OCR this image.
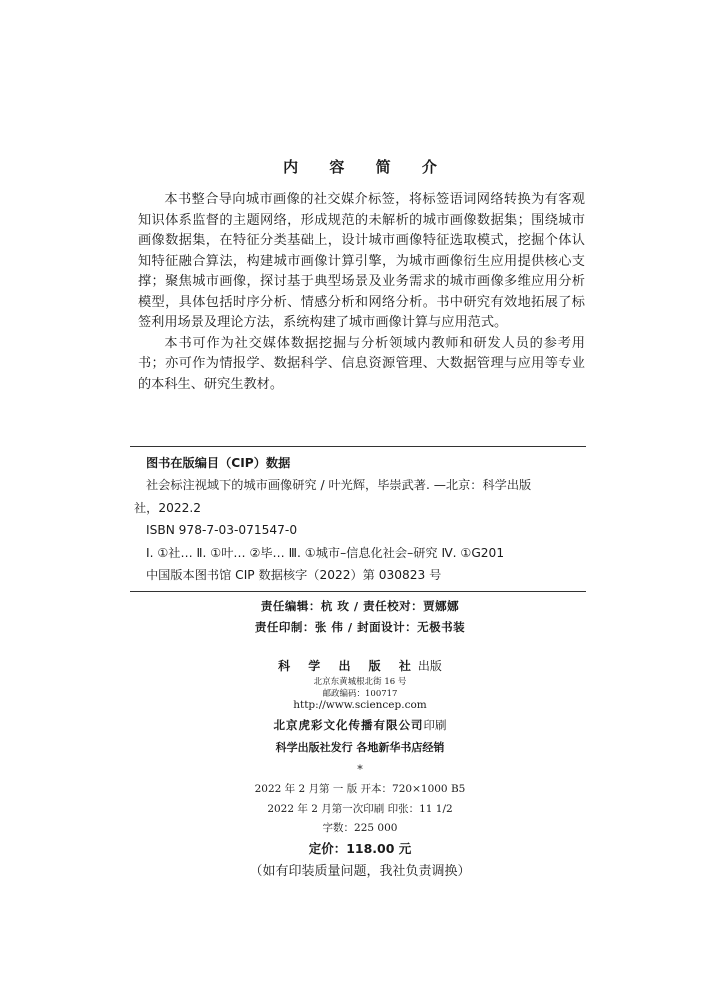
内 容 简 介

本书整合导向城市画像的社交媒介标签，将标签语词网络转换为有客观知识体系监督的主题网络，形成规范的未解析的城市画像数据集；围绕城市画像数据集，在特征分类基础上，设计城市画像特征选取模式，挖掘个体认知特征融合算法，构建城市画像计算引擎，为城市画像衍生应用提供核心支撑；聚焦城市画像，探讨基于典型场景及业务需求的城市画像多维应用分析模型，具体包括时序分析、情感分析和网络分析。书中研究有效地拓展了标签利用场景及理论方法，系统构建了城市画像计算与应用范式。

本书可作为社交媒体数据挖掘与分析领域内教师和研发人员的参考用书；亦可作为情报学、数据科学、信息资源管理、大数据管理与应用等专业的本科生、研究生教材。

图书在版编目（CIP）数据
社会标注视域下的城市画像研究 / 叶光辉，毕崇武著. —北京：科学出版
社，2022.2
ISBN 978-7-03-071547-0
Ⅰ. ①社… Ⅱ. ①叶… ②毕… Ⅲ. ①城市–信息化社会–研究 Ⅳ. ①G201
中国版本图书馆 CIP 数据核字（2022）第 030823 号
责任编辑：杭 玫 / 责任校对：贾娜娜
责任印制：张 伟 / 封面设计：无极书装
科 学 出 版 社出版
北京东黄城根北街 16 号
邮政编码：100717
http://www.sciencep.com
北京虎彩文化传播有限公司印刷
科学出版社发行 各地新华书店经销
*
2022 年 2 月第 一 版 开本：720×1000 B5
2022 年 2 月第一次印刷 印张：11 1/2
字数：225 000
定价：118.00 元
（如有印装质量问题，我社负责调换）
